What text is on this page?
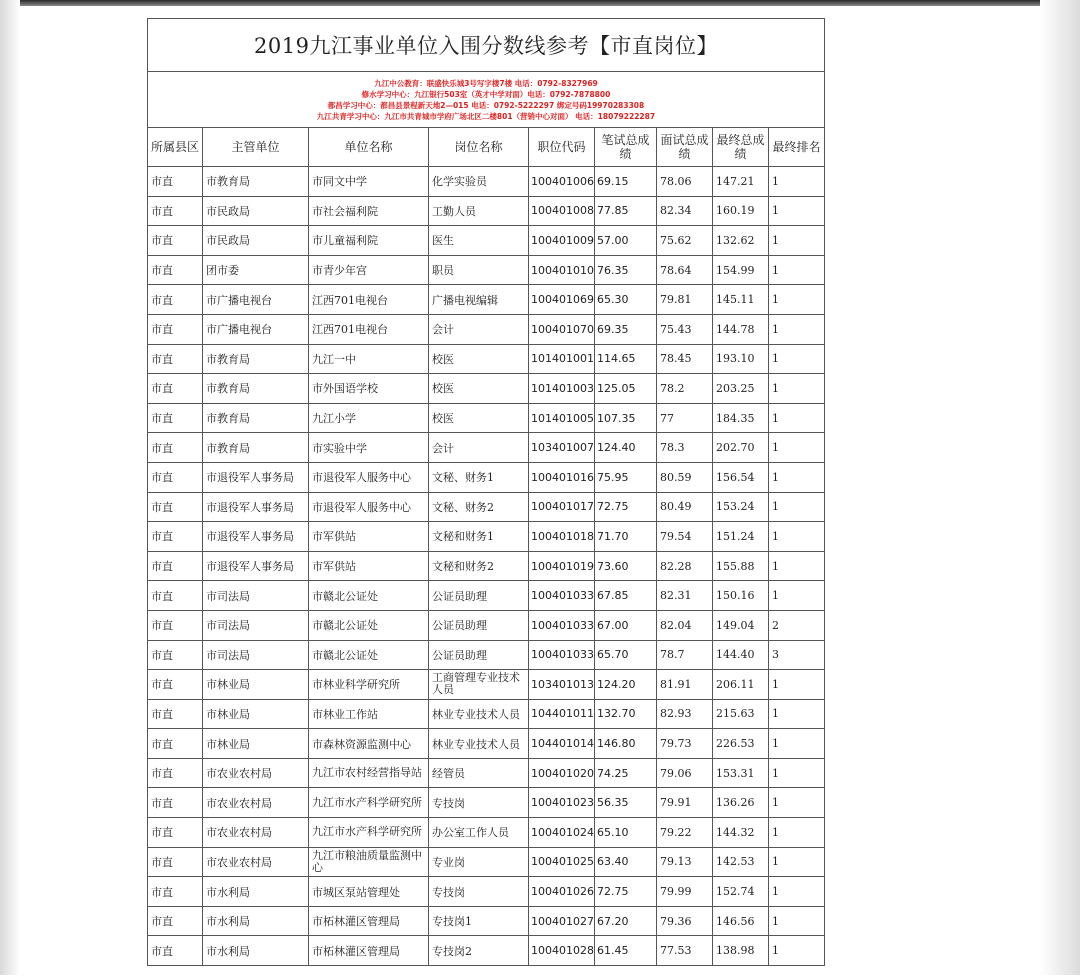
2019九江事业单位入围分数线参考【市直岗位】								

九江中公教育：联盛快乐城3号写字楼7楼 电话：0792-8327969
修水学习中心：九江银行503室（英才中学对面）电话：0792-7878800
都昌学习中心：都昌县景程新天地2—015 电话：0792-5222297 绑定号码19970283308
九江共青学习中心：九江市共青城市学府广场北区二楼801（营销中心对面） 电话：18079222287								

所属县区	主管单位	单位名称	岗位名称	职位代码	笔试总成绩	面试总成绩	最终总成绩	最终排名
市直	市教育局	市同文中学	化学实验员	100401006	69.15	78.06	147.21	1
市直	市民政局	市社会福利院	工勤人员	100401008	77.85	82.34	160.19	1
市直	市民政局	市儿童福利院	医生	100401009	57.00	75.62	132.62	1
市直	团市委	市青少年宫	职员	100401010	76.35	78.64	154.99	1
市直	市广播电视台	江西701电视台	广播电视编辑	100401069	65.30	79.81	145.11	1
市直	市广播电视台	江西701电视台	会计	100401070	69.35	75.43	144.78	1
市直	市教育局	九江一中	校医	101401001	114.65	78.45	193.10	1
市直	市教育局	市外国语学校	校医	101401003	125.05	78.2	203.25	1
市直	市教育局	九江小学	校医	101401005	107.35	77	184.35	1
市直	市教育局	市实验中学	会计	103401007	124.40	78.3	202.70	1
市直	市退役军人事务局	市退役军人服务中心	文秘、财务1	100401016	75.95	80.59	156.54	1
市直	市退役军人事务局	市退役军人服务中心	文秘、财务2	100401017	72.75	80.49	153.24	1
市直	市退役军人事务局	市军供站	文秘和财务1	100401018	71.70	79.54	151.24	1
市直	市退役军人事务局	市军供站	文秘和财务2	100401019	73.60	82.28	155.88	1
市直	市司法局	市赣北公证处	公证员助理	100401033	67.85	82.31	150.16	1
市直	市司法局	市赣北公证处	公证员助理	100401033	67.00	82.04	149.04	2
市直	市司法局	市赣北公证处	公证员助理	100401033	65.70	78.7	144.40	3
市直	市林业局	市林业科学研究所	工商管理专业技术人员	103401013	124.20	81.91	206.11	1
市直	市林业局	市林业工作站	林业专业技术人员	104401011	132.70	82.93	215.63	1
市直	市林业局	市森林资源监测中心	林业专业技术人员	104401014	146.80	79.73	226.53	1
市直	市农业农村局	九江市农村经营指导站	经管员	100401020	74.25	79.06	153.31	1
市直	市农业农村局	九江市水产科学研究所	专技岗	100401023	56.35	79.91	136.26	1
市直	市农业农村局	九江市水产科学研究所	办公室工作人员	100401024	65.10	79.22	144.32	1
市直	市农业农村局	九江市粮油质量监测中心	专业岗	100401025	63.40	79.13	142.53	1
市直	市水利局	市城区泵站管理处	专技岗	100401026	72.75	79.99	152.74	1
市直	市水利局	市柘林灌区管理局	专技岗1	100401027	67.20	79.36	146.56	1
市直	市水利局	市柘林灌区管理局	专技岗2	100401028	61.45	77.53	138.98	1
